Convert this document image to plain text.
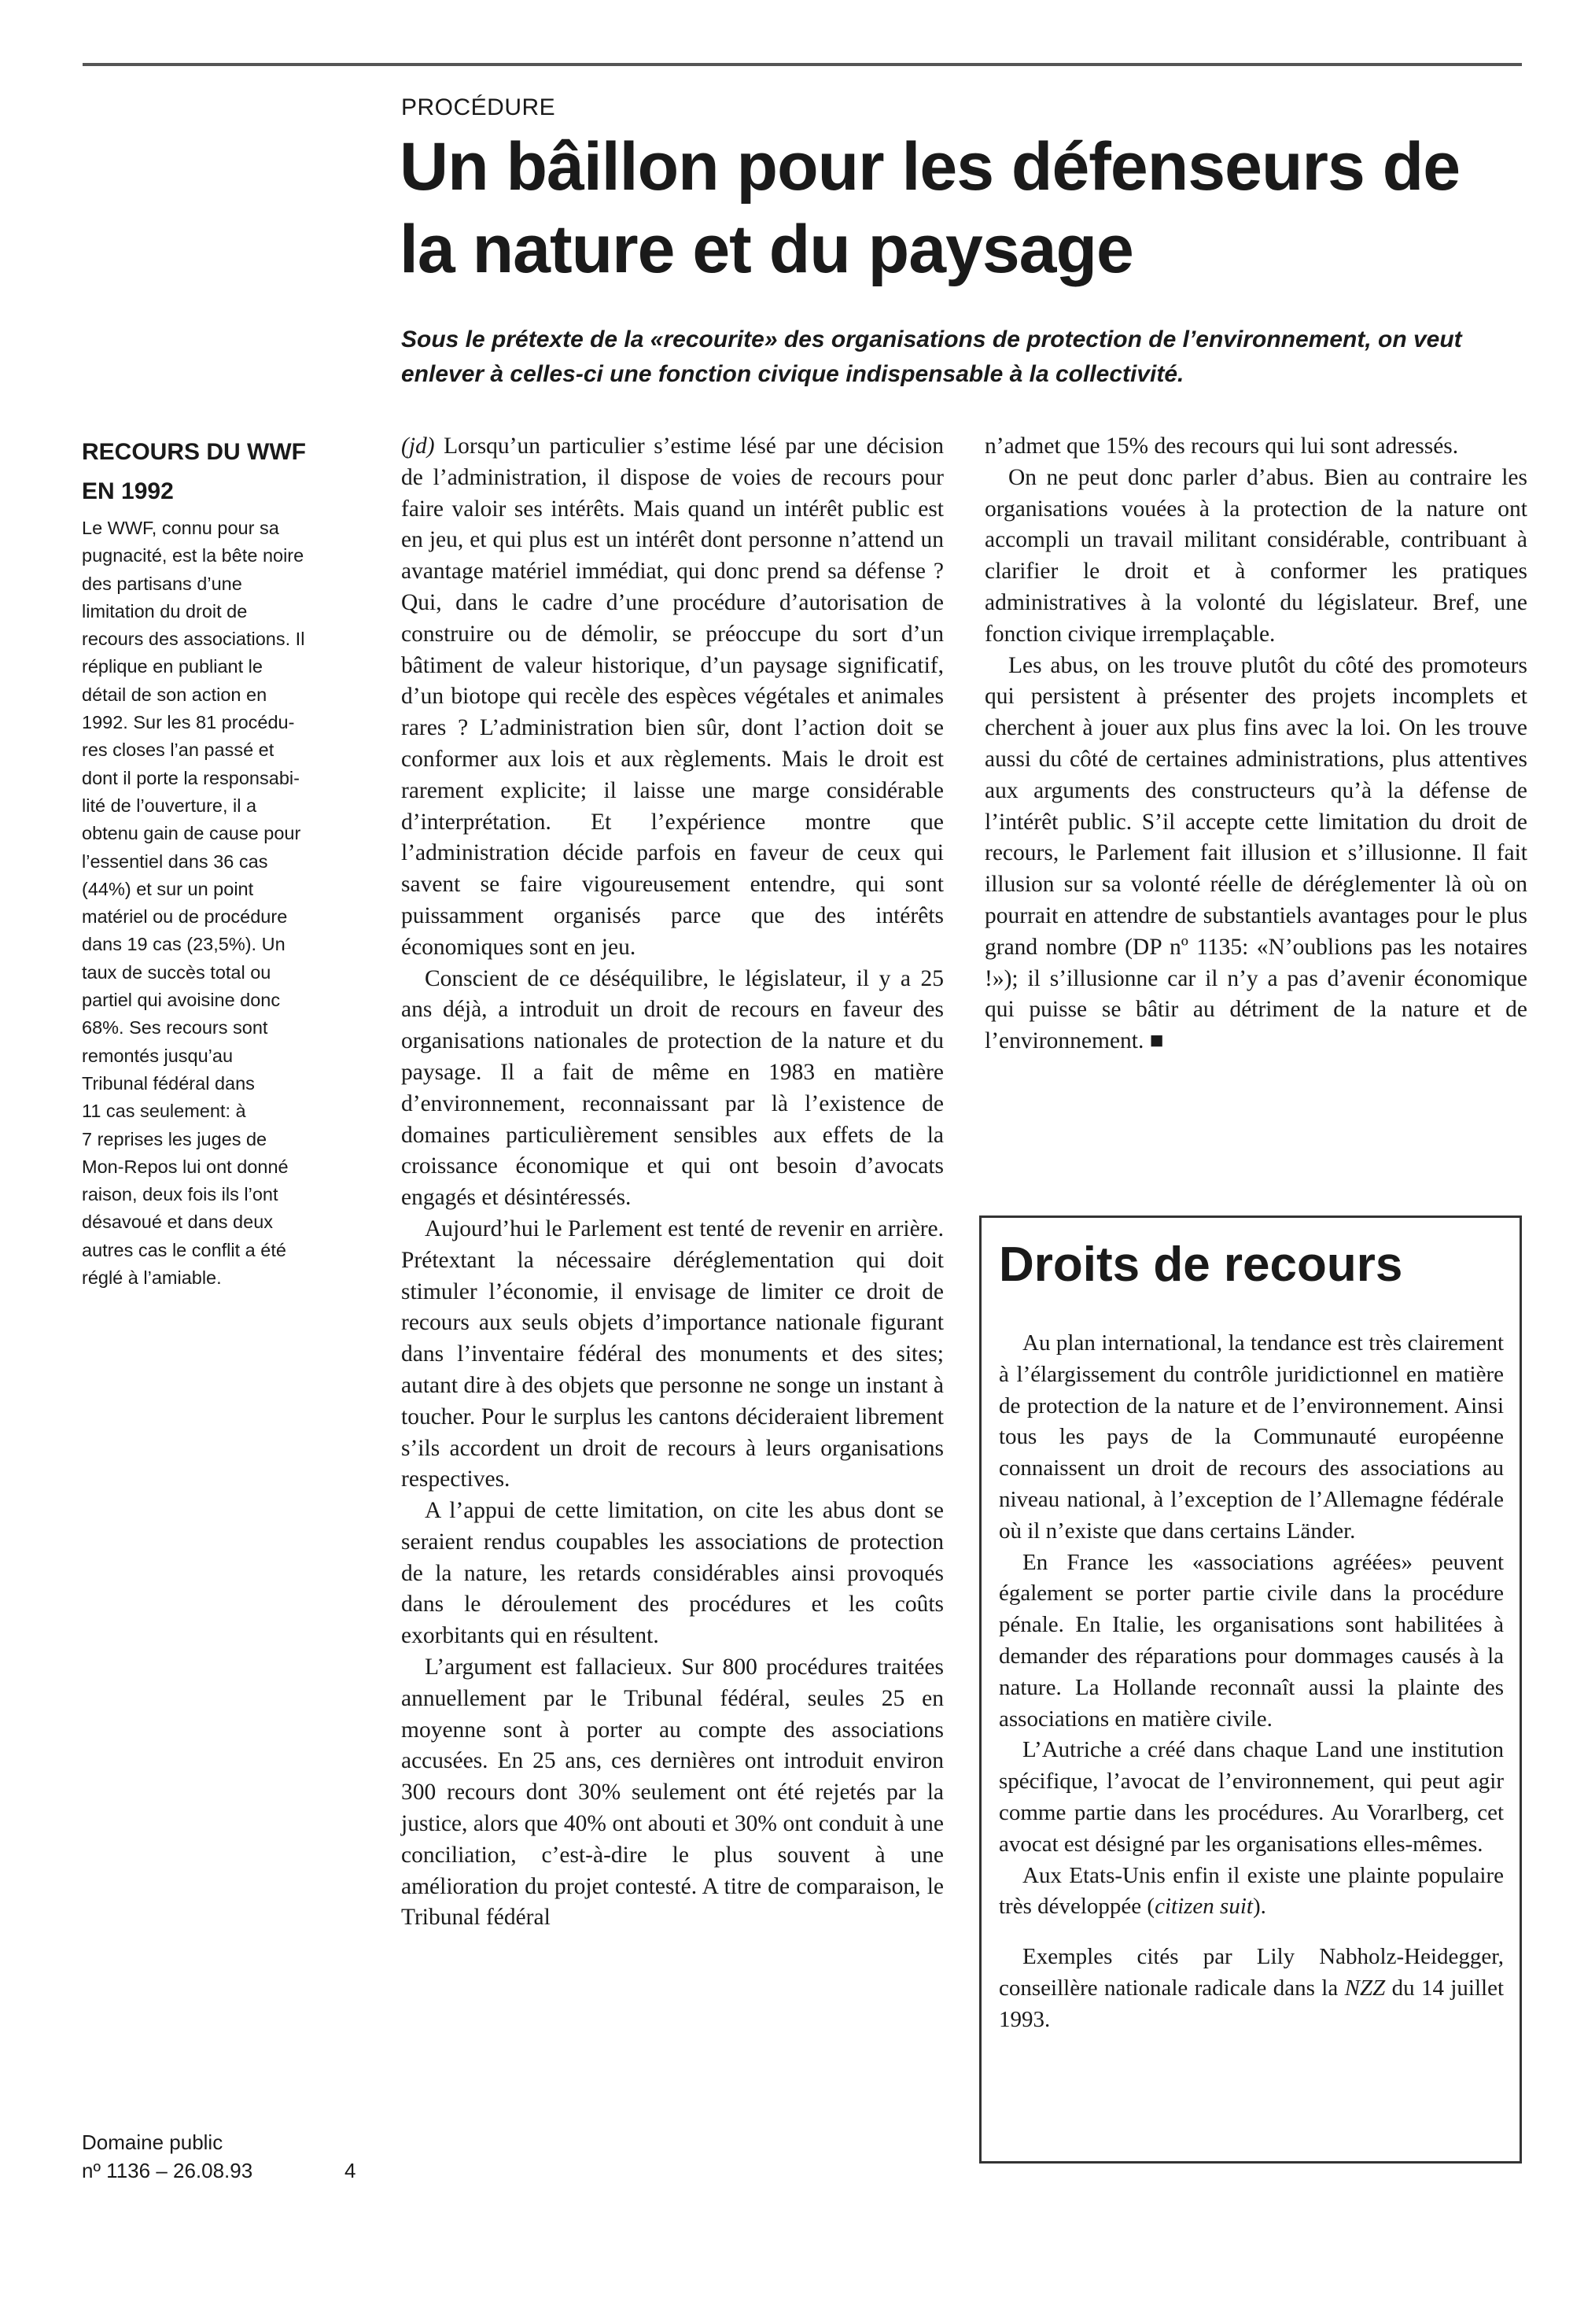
PROCÉDURE
Un bâillon pour les défenseurs de la nature et du paysage

Sous le prétexte de la «recourite» des organisations de protection de l’environnement, on veut enlever à celles-ci une fonction civique indispensable à la collectivité.

RECOURS DU WWF EN 1992

Le WWF, connu pour sa
pugnacité, est la bête noire
des partisans d’une
limitation du droit de
recours des associations. Il
réplique en publiant le
détail de son action en
1992. Sur les 81 procédu-
res closes l’an passé et
dont il porte la responsabi-
lité de l’ouverture, il a
obtenu gain de cause pour
l’essentiel dans 36 cas
(44%) et sur un point
matériel ou de procédure
dans 19 cas (23,5%). Un
taux de succès total ou
partiel qui avoisine donc
68%. Ses recours sont
remontés jusqu’au
Tribunal fédéral dans
11 cas seulement: à
7 reprises les juges de
Mon-Repos lui ont donné
raison, deux fois ils l’ont
désavoué et dans deux
autres cas le conflit a été
réglé à l’amiable.

(jd) Lorsqu’un particulier s’estime lésé par une décision de l’administration, il dispose de voies de recours pour faire valoir ses intérêts. Mais quand un intérêt public est en jeu, et qui plus est un intérêt dont personne n’attend un avantage matériel immédiat, qui donc prend sa défense ? Qui, dans le cadre d’une procédure d’autorisation de construire ou de démolir, se préoccupe du sort d’un bâtiment de valeur historique, d’un paysage significatif, d’un biotope qui recèle des espèces végétales et animales rares ? L’administration bien sûr, dont l’action doit se conformer aux lois et aux règlements. Mais le droit est rarement explicite; il laisse une marge considérable d’interprétation. Et l’expérience montre que l’administration décide parfois en faveur de ceux qui savent se faire vigoureusement entendre, qui sont puissamment organisés parce que des intérêts économiques sont en jeu.

Conscient de ce déséquilibre, le législateur, il y a 25 ans déjà, a introduit un droit de recours en faveur des organisations nationales de protection de la nature et du paysage. Il a fait de même en 1983 en matière d’environnement, reconnaissant par là l’existence de domaines particulièrement sensibles aux effets de la croissance économique et qui ont besoin d’avocats engagés et désintéressés.

Aujourd’hui le Parlement est tenté de revenir en arrière. Prétextant la nécessaire déréglementation qui doit stimuler l’économie, il envisage de limiter ce droit de recours aux seuls objets d’importance nationale figurant dans l’inventaire fédéral des monuments et des sites; autant dire à des objets que personne ne songe un instant à toucher. Pour le surplus les cantons décideraient librement s’ils accordent un droit de recours à leurs organisations respectives.

A l’appui de cette limitation, on cite les abus dont se seraient rendus coupables les associations de protection de la nature, les retards considérables ainsi provoqués dans le déroulement des procédures et les coûts exorbitants qui en résultent.

L’argument est fallacieux. Sur 800 procédures traitées annuellement par le Tribunal fédéral, seules 25 en moyenne sont à porter au compte des associations accusées. En 25 ans, ces dernières ont introduit environ 300 recours dont 30% seulement ont été rejetés par la justice, alors que 40% ont abouti et 30% ont conduit à une conciliation, c’est-à-dire le plus souvent à une amélioration du projet contesté. A titre de comparaison, le Tribunal fédéral

n’admet que 15% des recours qui lui sont adressés.

On ne peut donc parler d’abus. Bien au contraire les organisations vouées à la protection de la nature ont accompli un travail militant considérable, contribuant à clarifier le droit et à conformer les pratiques administratives à la volonté du législateur. Bref, une fonction civique irremplaçable.

Les abus, on les trouve plutôt du côté des promoteurs qui persistent à présenter des projets incomplets et cherchent à jouer aux plus fins avec la loi. On les trouve aussi du côté de certaines administrations, plus attentives aux arguments des constructeurs qu’à la défense de l’intérêt public. S’il accepte cette limitation du droit de recours, le Parlement fait illusion et s’illusionne. Il fait illusion sur sa volonté réelle de déréglementer là où on pourrait en attendre de substantiels avantages pour le plus grand nombre (DP nº 1135: «N’oublions pas les notaires !»); il s’illusionne car il n’y a pas d’avenir économique qui puisse se bâtir au détriment de la nature et de l’environnement. ■

Droits de recours

Au plan international, la tendance est très clairement à l’élargissement du contrôle juridictionnel en matière de protection de la nature et de l’environnement. Ainsi tous les pays de la Communauté européenne connaissent un droit de recours des associations au niveau national, à l’exception de l’Allemagne fédérale où il n’existe que dans certains Länder.

En France les «associations agréées» peuvent également se porter partie civile dans la procédure pénale. En Italie, les organisations sont habilitées à demander des réparations pour dommages causés à la nature. La Hollande reconnaît aussi la plainte des associations en matière civile.

L’Autriche a créé dans chaque Land une institution spécifique, l’avocat de l’environnement, qui peut agir comme partie dans les procédures. Au Vorarlberg, cet avocat est désigné par les organisations elles-mêmes.

Aux Etats-Unis enfin il existe une plainte populaire très développée (citizen suit).

Exemples cités par Lily Nabholz-Heidegger, conseillère nationale radicale dans la NZZ du 14 juillet 1993.

Domaine public
nº 1136 – 26.08.93	4
